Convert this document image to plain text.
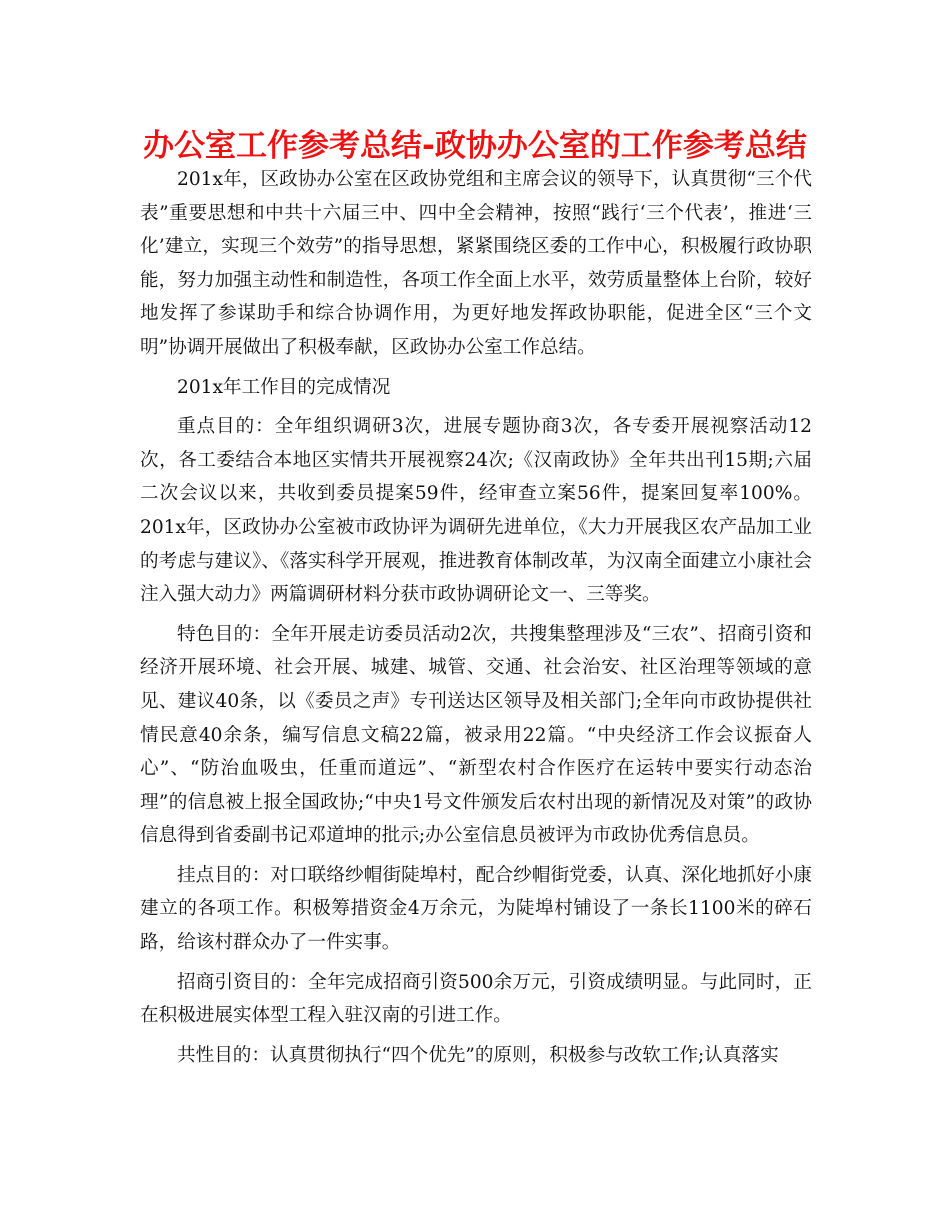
办公室工作参考总结-政协办公室的工作参考总结

201x年，区政协办公室在区政协党组和主席会议的领导下，认真贯彻“三个代表”重要思想和中共十六届三中、四中全会精神，按照“践行‘三个代表’，推进‘三化’建立，实现三个效劳”的指导思想，紧紧围绕区委的工作中心，积极履行政协职能，努力加强主动性和制造性，各项工作全面上水平，效劳质量整体上台阶，较好地发挥了参谋助手和综合协调作用，为更好地发挥政协职能，促进全区“三个文明”协调开展做出了积极奉献，区政协办公室工作总结。

201x年工作目的完成情况

重点目的：全年组织调研3次，进展专题协商3次，各专委开展视察活动12次，各工委结合本地区实情共开展视察24次;《汉南政协》全年共出刊15期;六届二次会议以来，共收到委员提案59件，经审查立案56件，提案回复率100%。201x年，区政协办公室被市政协评为调研先进单位，《大力开展我区农产品加工业的考虑与建议》、《落实科学开展观，推进教育体制改革，为汉南全面建立小康社会注入强大动力》两篇调研材料分获市政协调研论文一、三等奖。

特色目的：全年开展走访委员活动2次，共搜集整理涉及“三农”、招商引资和经济开展环境、社会开展、城建、城管、交通、社会治安、社区治理等领域的意见、建议40条，以《委员之声》专刊送达区领导及相关部门;全年向市政协提供社情民意40余条，编写信息文稿22篇，被录用22篇。“中央经济工作会议振奋人心”、“防治血吸虫，任重而道远”、“新型农村合作医疗在运转中要实行动态治理”的信息被上报全国政协;“中央1号文件颁发后农村出现的新情况及对策”的政协信息得到省委副书记邓道坤的批示;办公室信息员被评为市政协优秀信息员。

挂点目的：对口联络纱帽街陡埠村，配合纱帽街党委，认真、深化地抓好小康建立的各项工作。积极筹措资金4万余元，为陡埠村铺设了一条长1100米的碎石路，给该村群众办了一件实事。

招商引资目的：全年完成招商引资500余万元，引资成绩明显。与此同时，正在积极进展实体型工程入驻汉南的引进工作。

共性目的：认真贯彻执行“四个优先”的原则，积极参与改软工作;认真落实
